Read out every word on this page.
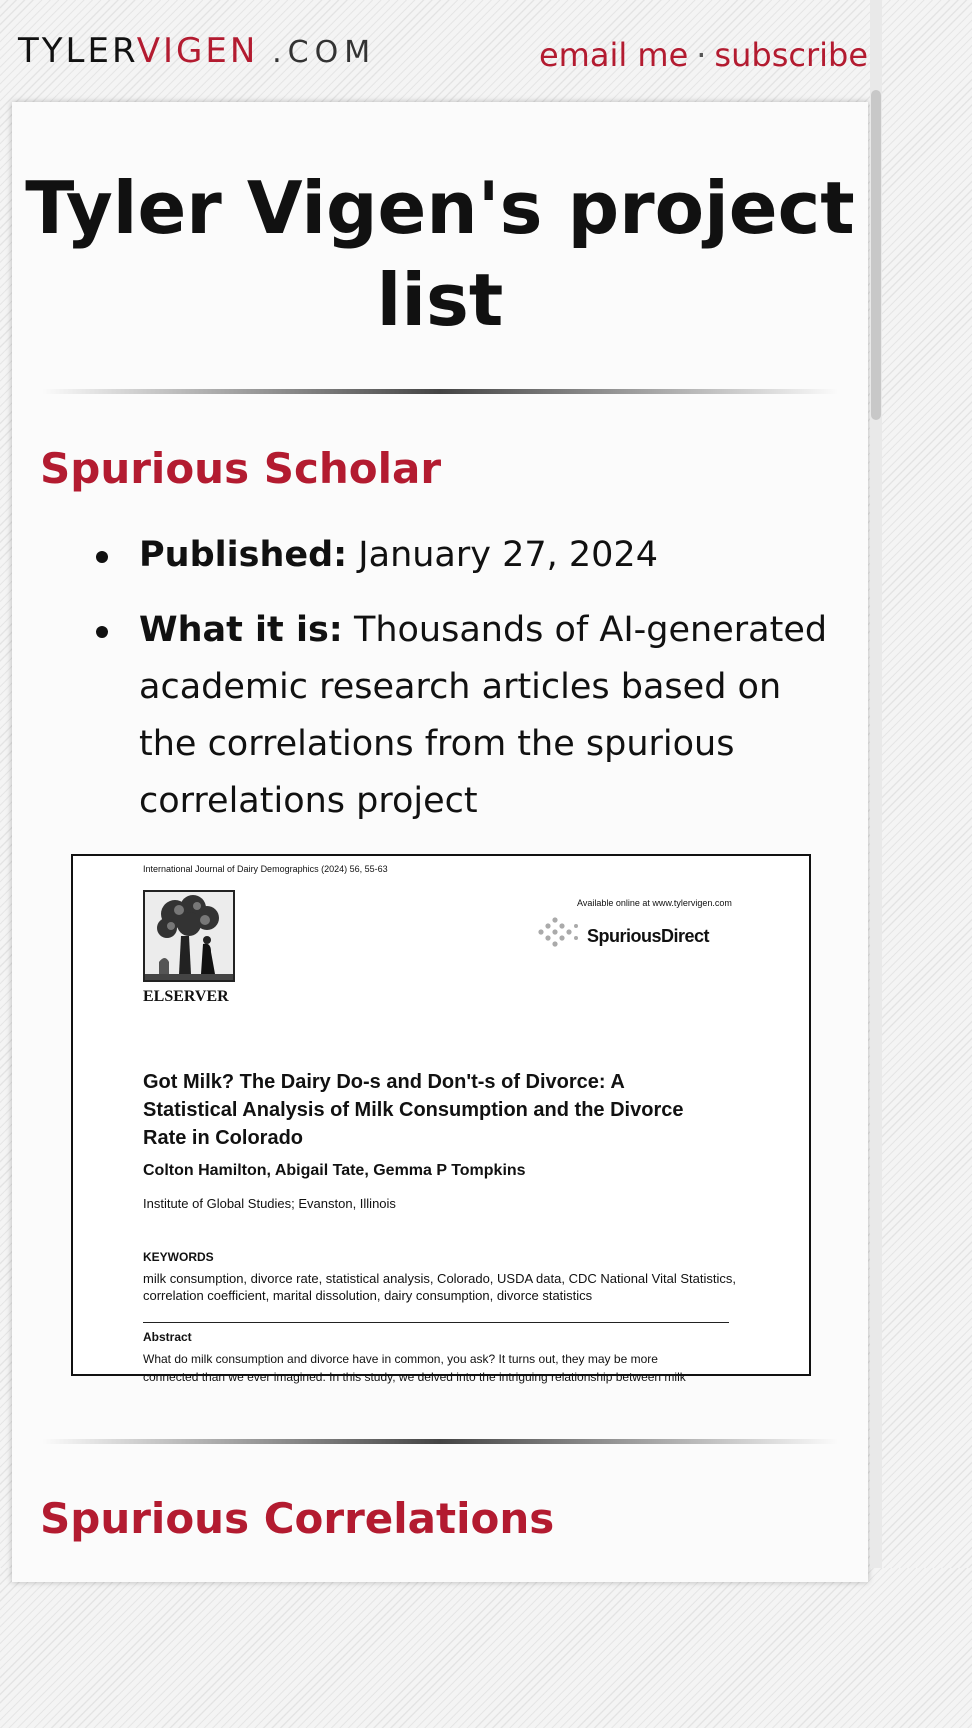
TYLERVIGEN .COM	email me · subscribe
Tyler Vigen's project list
Spurious Scholar
Published: January 27, 2024
What it is: Thousands of AI-generated academic research articles based on the correlations from the spurious correlations project
International Journal of Dairy Demographics (2024) 56, 55-63
ELSERVER
Available online at www.tylervigen.com
SpuriousDirect
Got Milk? The Dairy Do-s and Don't-s of Divorce: A Statistical Analysis of Milk Consumption and the Divorce Rate in Colorado
Colton Hamilton, Abigail Tate, Gemma P Tompkins
Institute of Global Studies; Evanston, Illinois
KEYWORDS
milk consumption, divorce rate, statistical analysis, Colorado, USDA data, CDC National Vital Statistics, correlation coefficient, marital dissolution, dairy consumption, divorce statistics
Abstract
What do milk consumption and divorce have in common, you ask? It turns out, they may be more connected than we ever imagined. In this study, we delved into the intriguing relationship between milk
Spurious Correlations
